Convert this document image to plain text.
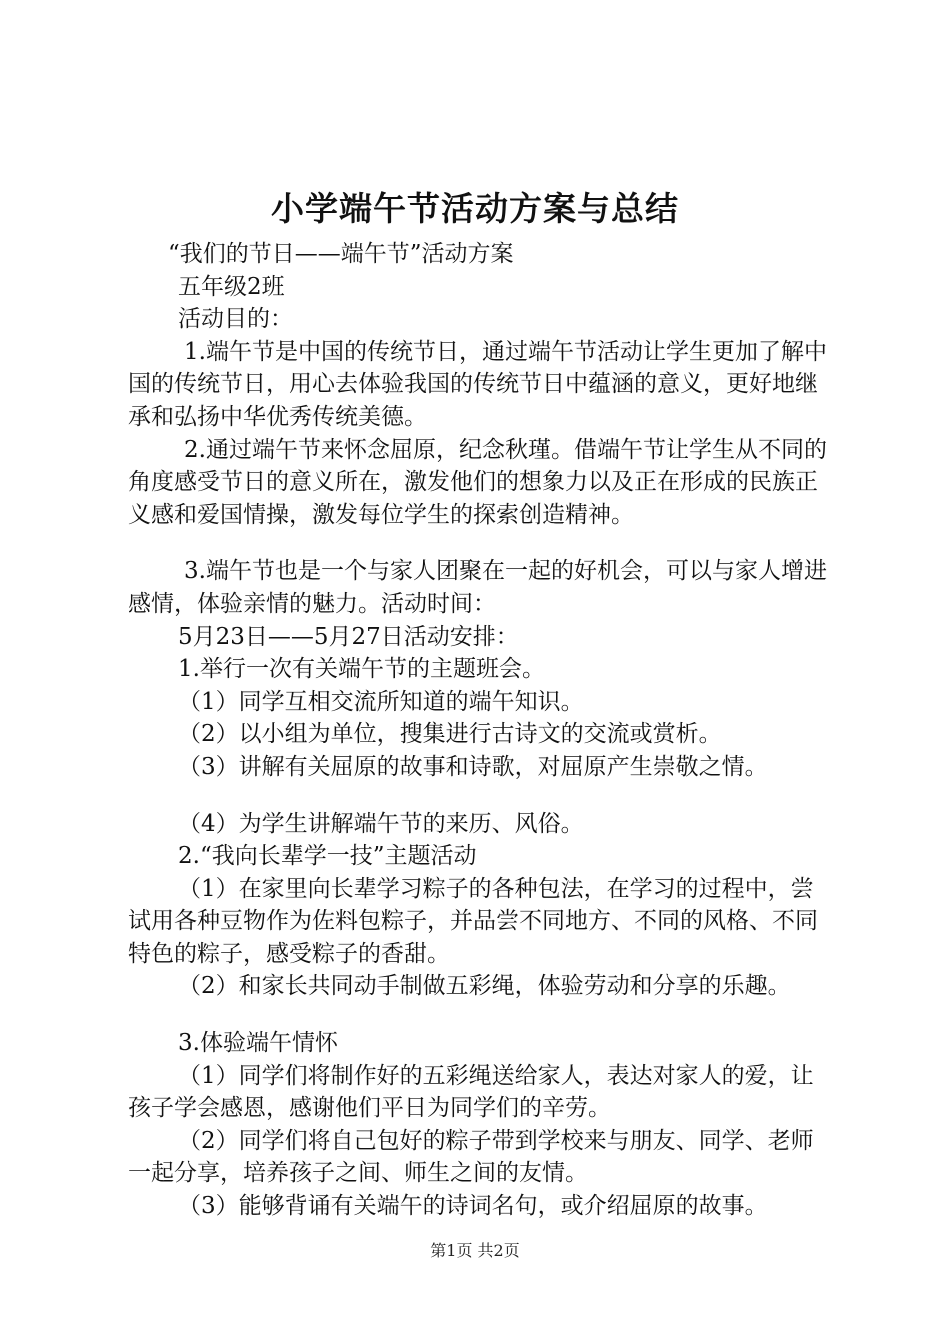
小学端午节活动方案与总结

“我们的节日——端午节”活动方案

五年级2班

活动目的：

1.端午节是中国的传统节日，通过端午节活动让学生更加了解中国的传统节日，用心去体验我国的传统节日中蕴涵的意义，更好地继承和弘扬中华优秀传统美德。

2.通过端午节来怀念屈原，纪念秋瑾。借端午节让学生从不同的角度感受节日的意义所在，激发他们的想象力以及正在形成的民族正义感和爱国情操，激发每位学生的探索创造精神。

3.端午节也是一个与家人团聚在一起的好机会，可以与家人增进感情，体验亲情的魅力。活动时间：

5月23日——5月27日活动安排：

1.举行一次有关端午节的主题班会。

（1）同学互相交流所知道的端午知识。

（2）以小组为单位，搜集进行古诗文的交流或赏析。

（3）讲解有关屈原的故事和诗歌，对屈原产生崇敬之情。

（4）为学生讲解端午节的来历、风俗。

2.“我向长辈学一技”主题活动

（1）在家里向长辈学习粽子的各种包法，在学习的过程中，尝试用各种豆物作为佐料包粽子，并品尝不同地方、不同的风格、不同特色的粽子，感受粽子的香甜。

（2）和家长共同动手制做五彩绳，体验劳动和分享的乐趣。

3.体验端午情怀

（1）同学们将制作好的五彩绳送给家人，表达对家人的爱，让孩子学会感恩，感谢他们平日为同学们的辛劳。

（2）同学们将自己包好的粽子带到学校来与朋友、同学、老师一起分享，培养孩子之间、师生之间的友情。

（3）能够背诵有关端午的诗词名句，或介绍屈原的故事。

第1页 共2页
